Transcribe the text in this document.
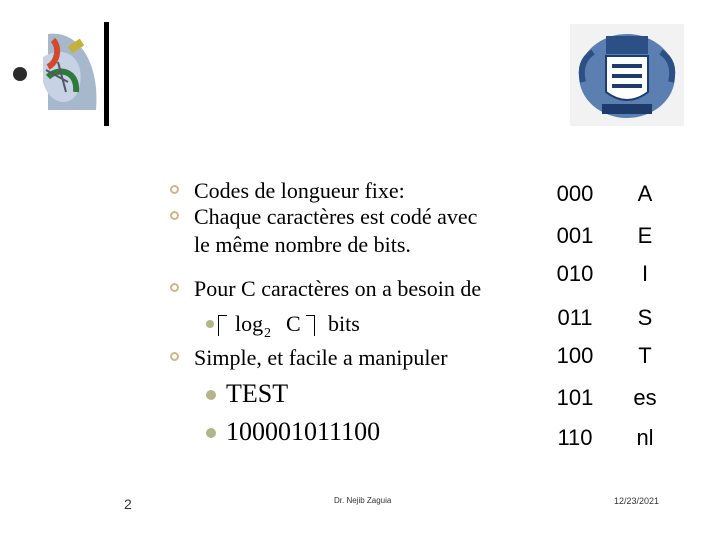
Codes de longueur fixe:
Chaque caractères est codé avec
le même nombre de bits.
Pour C caractères on a besoin de
log 2 C bits
Simple, et facile a manipuler
TEST
100001011100
000	A
001	E
010	I
011	S
100	T
101	es
110	nl
2	Dr. Nejib Zaguia	12/23/2021
